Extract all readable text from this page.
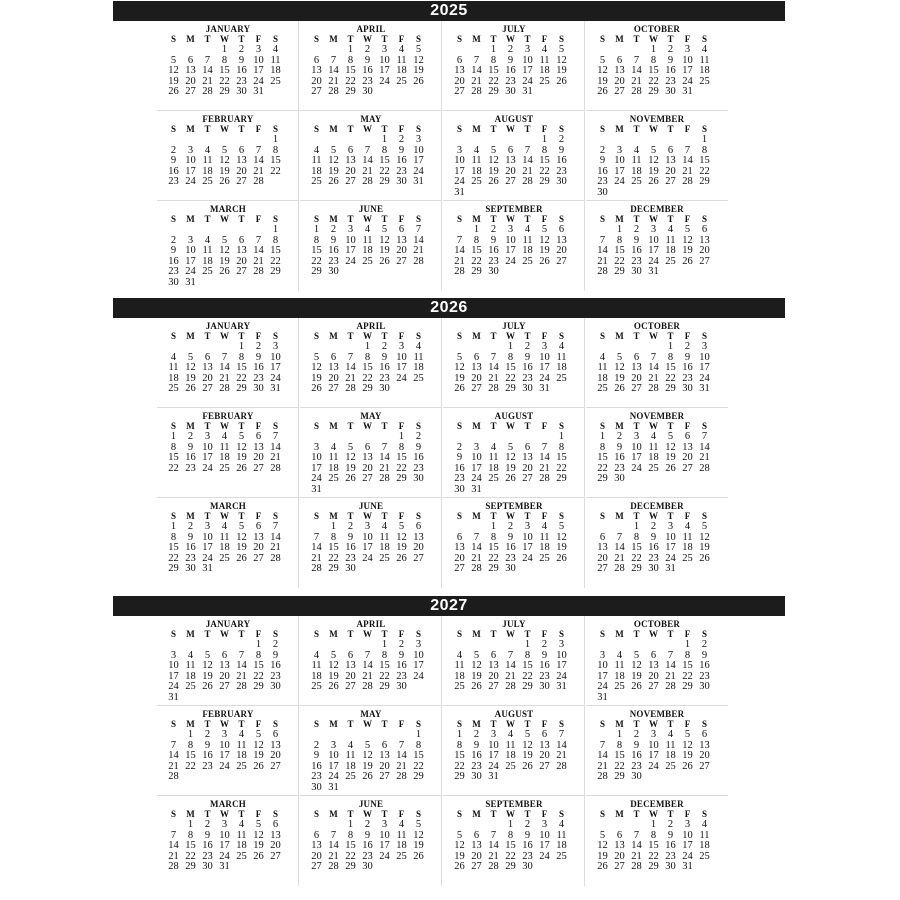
2025
JANUARY
S M T W T F S
1 2 3 4
5 6 7 8 9 10 11
12 13 14 15 16 17 18
19 20 21 22 23 24 25
26 27 28 29 30 31
APRIL
S M T W T F S
1 2 3 4 5
6 7 8 9 10 11 12
13 14 15 16 17 18 19
20 21 22 23 24 25 26
27 28 29 30
JULY
S M T W T F S
1 2 3 4 5
6 7 8 9 10 11 12
13 14 15 16 17 18 19
20 21 22 23 24 25 26
27 28 29 30 31
OCTOBER
S M T W T F S
1 2 3 4
5 6 7 8 9 10 11
12 13 14 15 16 17 18
19 20 21 22 23 24 25
26 27 28 29 30 31
FEBRUARY
S M T W T F S
1
2 3 4 5 6 7 8
9 10 11 12 13 14 15
16 17 18 19 20 21 22
23 24 25 26 27 28
MAY
S M T W T F S
1 2 3
4 5 6 7 8 9 10
11 12 13 14 15 16 17
18 19 20 21 22 23 24
25 26 27 28 29 30 31
AUGUST
S M T W T F S
1 2
3 4 5 6 7 8 9
10 11 12 13 14 15 16
17 18 19 20 21 22 23
24 25 26 27 28 29 30
31
NOVEMBER
S M T W T F S
1
2 3 4 5 6 7 8
9 10 11 12 13 14 15
16 17 18 19 20 21 22
23 24 25 26 27 28 29
30
MARCH
S M T W T F S
1
2 3 4 5 6 7 8
9 10 11 12 13 14 15
16 17 18 19 20 21 22
23 24 25 26 27 28 29
30 31
JUNE
S M T W T F S
1 2 3 4 5 6 7
8 9 10 11 12 13 14
15 16 17 18 19 20 21
22 23 24 25 26 27 28
29 30
SEPTEMBER
S M T W T F S
1 2 3 4 5 6
7 8 9 10 11 12 13
14 15 16 17 18 19 20
21 22 23 24 25 26 27
28 29 30
DECEMBER
S M T W T F S
1 2 3 4 5 6
7 8 9 10 11 12 13
14 15 16 17 18 19 20
21 22 23 24 25 26 27
28 29 30 31
2026
JANUARY
S M T W T F S
1 2 3
4 5 6 7 8 9 10
11 12 13 14 15 16 17
18 19 20 21 22 23 24
25 26 27 28 29 30 31
APRIL
S M T W T F S
1 2 3 4
5 6 7 8 9 10 11
12 13 14 15 16 17 18
19 20 21 22 23 24 25
26 27 28 29 30
JULY
S M T W T F S
1 2 3 4
5 6 7 8 9 10 11
12 13 14 15 16 17 18
19 20 21 22 23 24 25
26 27 28 29 30 31
OCTOBER
S M T W T F S
1 2 3
4 5 6 7 8 9 10
11 12 13 14 15 16 17
18 19 20 21 22 23 24
25 26 27 28 29 30 31
FEBRUARY
S M T W T F S
1 2 3 4 5 6 7
8 9 10 11 12 13 14
15 16 17 18 19 20 21
22 23 24 25 26 27 28
MAY
S M T W T F S
1 2
3 4 5 6 7 8 9
10 11 12 13 14 15 16
17 18 19 20 21 22 23
24 25 26 27 28 29 30
31
AUGUST
S M T W T F S
1
2 3 4 5 6 7 8
9 10 11 12 13 14 15
16 17 18 19 20 21 22
23 24 25 26 27 28 29
30 31
NOVEMBER
S M T W T F S
1 2 3 4 5 6 7
8 9 10 11 12 13 14
15 16 17 18 19 20 21
22 23 24 25 26 27 28
29 30
MARCH
S M T W T F S
1 2 3 4 5 6 7
8 9 10 11 12 13 14
15 16 17 18 19 20 21
22 23 24 25 26 27 28
29 30 31
JUNE
S M T W T F S
1 2 3 4 5 6
7 8 9 10 11 12 13
14 15 16 17 18 19 20
21 22 23 24 25 26 27
28 29 30
SEPTEMBER
S M T W T F S
1 2 3 4 5
6 7 8 9 10 11 12
13 14 15 16 17 18 19
20 21 22 23 24 25 26
27 28 29 30
DECEMBER
S M T W T F S
1 2 3 4 5
6 7 8 9 10 11 12
13 14 15 16 17 18 19
20 21 22 23 24 25 26
27 28 29 30 31
2027
JANUARY
S M T W T F S
1 2
3 4 5 6 7 8 9
10 11 12 13 14 15 16
17 18 19 20 21 22 23
24 25 26 27 28 29 30
31
APRIL
S M T W T F S
1 2 3
4 5 6 7 8 9 10
11 12 13 14 15 16 17
18 19 20 21 22 23 24
25 26 27 28 29 30
JULY
S M T W T F S
1 2 3
4 5 6 7 8 9 10
11 12 13 14 15 16 17
18 19 20 21 22 23 24
25 26 27 28 29 30 31
OCTOBER
S M T W T F S
1 2
3 4 5 6 7 8 9
10 11 12 13 14 15 16
17 18 19 20 21 22 23
24 25 26 27 28 29 30
31
FEBRUARY
S M T W T F S
1 2 3 4 5 6
7 8 9 10 11 12 13
14 15 16 17 18 19 20
21 22 23 24 25 26 27
28
MAY
S M T W T F S
1
2 3 4 5 6 7 8
9 10 11 12 13 14 15
16 17 18 19 20 21 22
23 24 25 26 27 28 29
30 31
AUGUST
S M T W T F S
1 2 3 4 5 6 7
8 9 10 11 12 13 14
15 16 17 18 19 20 21
22 23 24 25 26 27 28
29 30 31
NOVEMBER
S M T W T F S
1 2 3 4 5 6
7 8 9 10 11 12 13
14 15 16 17 18 19 20
21 22 23 24 25 26 27
28 29 30
MARCH
S M T W T F S
1 2 3 4 5 6
7 8 9 10 11 12 13
14 15 16 17 18 19 20
21 22 23 24 25 26 27
28 29 30 31
JUNE
S M T W T F S
1 2 3 4 5
6 7 8 9 10 11 12
13 14 15 16 17 18 19
20 21 22 23 24 25 26
27 28 29 30
SEPTEMBER
S M T W T F S
1 2 3 4
5 6 7 8 9 10 11
12 13 14 15 16 17 18
19 20 21 22 23 24 25
26 27 28 29 30
DECEMBER
S M T W T F S
1 2 3 4
5 6 7 8 9 10 11
12 13 14 15 16 17 18
19 20 21 22 23 24 25
26 27 28 29 30 31
